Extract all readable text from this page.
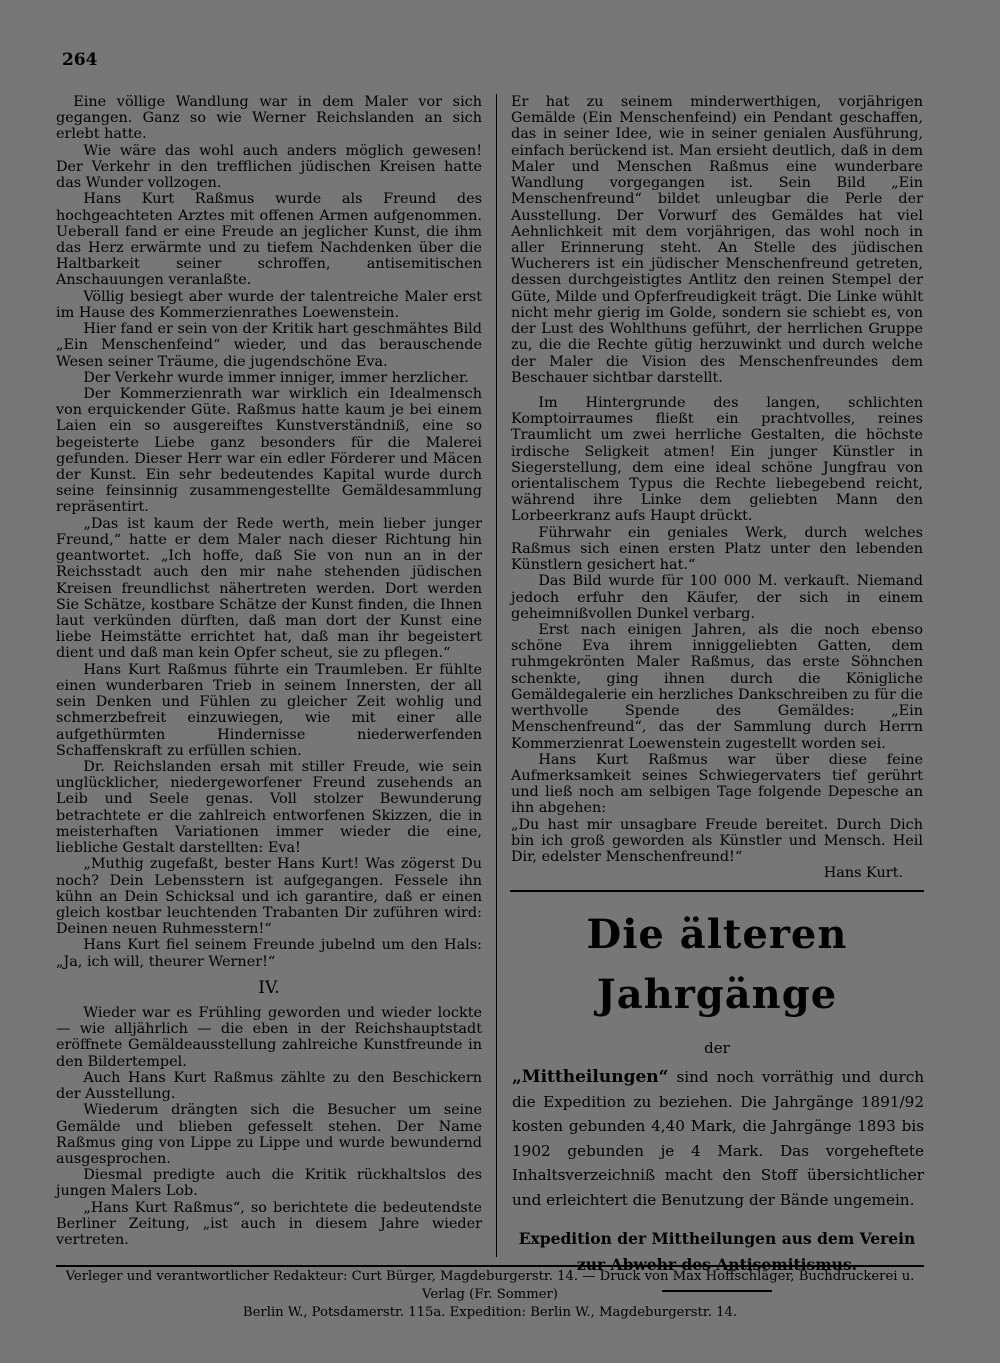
264

Eine völlige Wandlung war in dem Maler vor sich gegangen. Ganz so wie Werner Reichslanden an sich erlebt hatte.

Wie wäre das wohl auch anders möglich gewesen! Der Verkehr in den trefflichen jüdischen Kreisen hatte das Wunder vollzogen.

Hans Kurt Raßmus wurde als Freund des hochgeachteten Arztes mit offenen Armen aufgenommen. Ueberall fand er eine Freude an jeglicher Kunst, die ihm das Herz erwärmte und zu tiefem Nachdenken über die Haltbarkeit seiner schroffen, antisemitischen Anschauungen veranlaßte.

Völlig besiegt aber wurde der talentreiche Maler erst im Hause des Kommerzienrathes Loewenstein.

Hier fand er sein von der Kritik hart geschmähtes Bild „Ein Menschenfeind“ wieder, und das berauschende Wesen seiner Träume, die jugendschöne Eva.

Der Verkehr wurde immer inniger, immer herzlicher.

Der Kommerzienrath war wirklich ein Idealmensch von erquickender Güte. Raßmus hatte kaum je bei einem Laien ein so ausgereiftes Kunstverständniß, eine so begeisterte Liebe ganz besonders für die Malerei gefunden. Dieser Herr war ein edler Förderer und Mäcen der Kunst. Ein sehr bedeutendes Kapital wurde durch seine feinsinnig zusammengestellte Gemäldesammlung repräsentirt.

„Das ist kaum der Rede werth, mein lieber junger Freund,“ hatte er dem Maler nach dieser Richtung hin geantwortet. „Ich hoffe, daß Sie von nun an in der Reichsstadt auch den mir nahe stehenden jüdischen Kreisen freundlichst nähertreten werden. Dort werden Sie Schätze, kostbare Schätze der Kunst finden, die Ihnen laut verkünden dürften, daß man dort der Kunst eine liebe Heimstätte errichtet hat, daß man ihr begeistert dient und daß man kein Opfer scheut, sie zu pflegen.“

Hans Kurt Raßmus führte ein Traumleben. Er fühlte einen wunderbaren Trieb in seinem Innersten, der all sein Denken und Fühlen zu gleicher Zeit wohlig und schmerzbefreit einzuwiegen, wie mit einer alle aufgethürmten Hindernisse niederwerfenden Schaffenskraft zu erfüllen schien.

Dr. Reichslanden ersah mit stiller Freude, wie sein unglücklicher, niedergeworfener Freund zusehends an Leib und Seele genas. Voll stolzer Bewunderung betrachtete er die zahlreich entworfenen Skizzen, die in meisterhaften Variationen immer wieder die eine, liebliche Gestalt darstellten: Eva!

„Muthig zugefaßt, bester Hans Kurt! Was zögerst Du noch? Dein Lebensstern ist aufgegangen. Fessele ihn kühn an Dein Schicksal und ich garantire, daß er einen gleich kostbar leuchtenden Trabanten Dir zuführen wird: Deinen neuen Ruhmesstern!“

Hans Kurt fiel seinem Freunde jubelnd um den Hals: „Ja, ich will, theurer Werner!“

IV.

Wieder war es Frühling geworden und wieder lockte — wie alljährlich — die eben in der Reichshauptstadt eröffnete Gemäldeausstellung zahlreiche Kunstfreunde in den Bildertempel.

Auch Hans Kurt Raßmus zählte zu den Beschickern der Ausstellung.

Wiederum drängten sich die Besucher um seine Gemälde und blieben gefesselt stehen. Der Name Raßmus ging von Lippe zu Lippe und wurde bewundernd ausgesprochen.

Diesmal predigte auch die Kritik rückhaltslos des jungen Malers Lob.

„Hans Kurt Raßmus“, so berichtete die bedeutendste Berliner Zeitung, „ist auch in diesem Jahre wieder vertreten.

Er hat zu seinem minderwerthigen, vorjährigen Gemälde (Ein Menschenfeind) ein Pendant geschaffen, das in seiner Idee, wie in seiner genialen Ausführung, einfach berückend ist. Man ersieht deutlich, daß in dem Maler und Menschen Raßmus eine wunderbare Wandlung vorgegangen ist. Sein Bild „Ein Menschenfreund“ bildet unleugbar die Perle der Ausstellung. Der Vorwurf des Gemäldes hat viel Aehnlichkeit mit dem vorjährigen, das wohl noch in aller Erinnerung steht. An Stelle des jüdischen Wucherers ist ein jüdischer Menschenfreund getreten, dessen durchgeistigtes Antlitz den reinen Stempel der Güte, Milde und Opferfreudigkeit trägt. Die Linke wühlt nicht mehr gierig im Golde, sondern sie schiebt es, von der Lust des Wohlthuns geführt, der herrlichen Gruppe zu, die die Rechte gütig herzuwinkt und durch welche der Maler die Vision des Menschenfreundes dem Beschauer sichtbar darstellt.

Im Hintergrunde des langen, schlichten Komptoirraumes fließt ein prachtvolles, reines Traumlicht um zwei herrliche Gestalten, die höchste irdische Seligkeit atmen! Ein junger Künstler in Siegerstellung, dem eine ideal schöne Jungfrau von orientalischem Typus die Rechte liebegebend reicht, während ihre Linke dem geliebten Mann den Lorbeerkranz aufs Haupt drückt.

Führwahr ein geniales Werk, durch welches Raßmus sich einen ersten Platz unter den lebenden Künstlern gesichert hat.“

Das Bild wurde für 100 000 M. verkauft. Niemand jedoch erfuhr den Käufer, der sich in einem geheimnißvollen Dunkel verbarg.

Erst nach einigen Jahren, als die noch ebenso schöne Eva ihrem inniggeliebten Gatten, dem ruhmgekrönten Maler Raßmus, das erste Söhnchen schenkte, ging ihnen durch die Königliche Gemäldegalerie ein herzliches Dankschreiben zu für die werthvolle Spende des Gemäldes: „Ein Menschenfreund“, das der Sammlung durch Herrn Kommerzienrat Loewenstein zugestellt worden sei.

Hans Kurt Raßmus war über diese feine Aufmerksamkeit seines Schwiegervaters tief gerührt und ließ noch am selbigen Tage folgende Depesche an ihn abgehen:

„Du hast mir unsagbare Freude bereitet. Durch Dich bin ich groß geworden als Künstler und Mensch. Heil Dir, edelster Menschenfreund!“

Hans Kurt.

Die älteren Jahrgänge
der
„Mittheilungen“ sind noch vorräthig und durch die Expedition zu beziehen. Die Jahrgänge 1891/92 kosten gebunden 4,40 Mark, die Jahrgänge 1893 bis 1902 gebunden je 4 Mark. Das vorgeheftete Inhaltsverzeichniß macht den Stoff übersichtlicher und erleichtert die Benutzung der Bände ungemein.
Expedition der Mittheilungen aus dem Verein
Verleger und verantwortlicher Redakteur: Curt Bürger, Magdeburgerstr. 14. — Druck von Max Hoffschläger, Buchdruckerei u. Verlag (Fr. Sommer)
Berlin W., Potsdamerstr. 115a. Expedition: Berlin W., Magdeburgerstr. 14.
